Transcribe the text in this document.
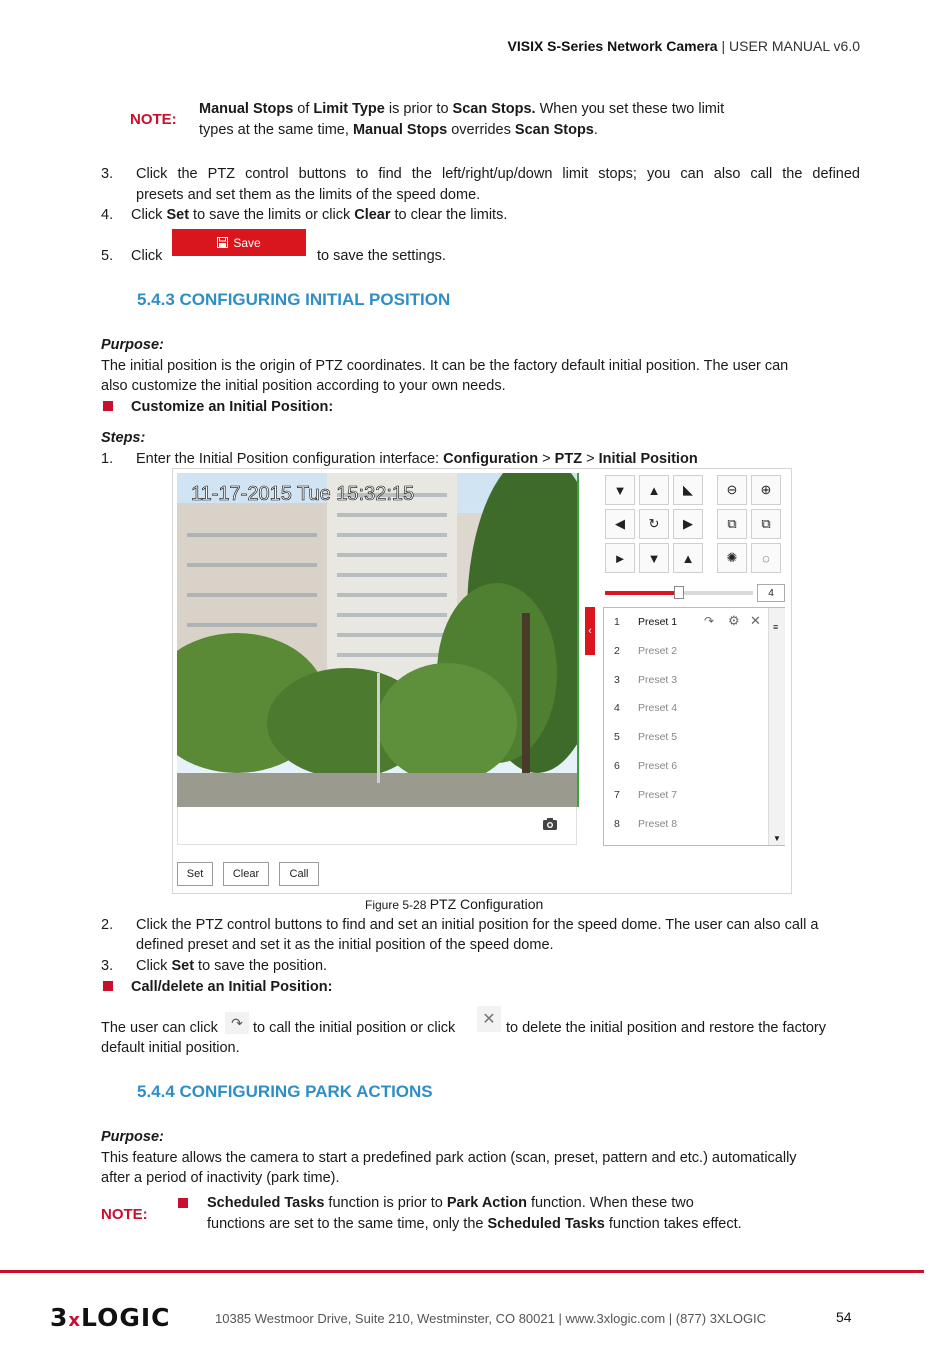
VISIX S-Series Network Camera | USER MANUAL v6.0
NOTE:
Manual Stops of Limit Type is prior to Scan Stops. When you set these two limit
types at the same time, Manual Stops overrides Scan Stops.
3. Click the PTZ control buttons to find the left/right/up/down limit stops; you can also call the defined
presets and set them as the limits of the speed dome.
4. Click Set to save the limits or click Clear to clear the limits.
5. Click
Save
to save the settings.
5.4.3 CONFIGURING INITIAL POSITION
Purpose:
The initial position is the origin of PTZ coordinates. It can be the factory default initial position. The user can
also customize the initial position according to your own needs.
Customize an Initial Position:
Steps:
1. Enter the Initial Position configuration interface: Configuration > PTZ > Initial Position
11-17-2015 Tue 15:32:15
‹
▼ ▲ ◣	⊖ ⊕
◀ ↻ ▶	⧉ ⧉
► ▼ ▲ ✺ ◌
4
1 Preset 1
2 Preset 2
3 Preset 3
4 Preset 4
5 Preset 5
6 Preset 6
7 Preset 7
8 Preset 8
≡
▼
↷ ⚙ ✕
Set	Clear	Call
Figure 5-28 PTZ Configuration
2. Click the PTZ control buttons to find and set an initial position for the speed dome. The user can also call a
defined preset and set it as the initial position of the speed dome.
3. Click Set to save the position.
Call/delete an Initial Position:
The user can click ↷ to call the initial position or click	✕ to delete the initial position and restore the factory
default initial position.
5.4.4 CONFIGURING PARK ACTIONS
Purpose:
This feature allows the camera to start a predefined park action (scan, preset, pattern and etc.) automatically
after a period of inactivity (park time).
NOTE:
Scheduled Tasks function is prior to Park Action function. When these two
functions are set to the same time, only the Scheduled Tasks function takes effect.
3xLOGIC	10385 Westmoor Drive, Suite 210, Westminster, CO 80021 | www.3xlogic.com | (877) 3XLOGIC	54
